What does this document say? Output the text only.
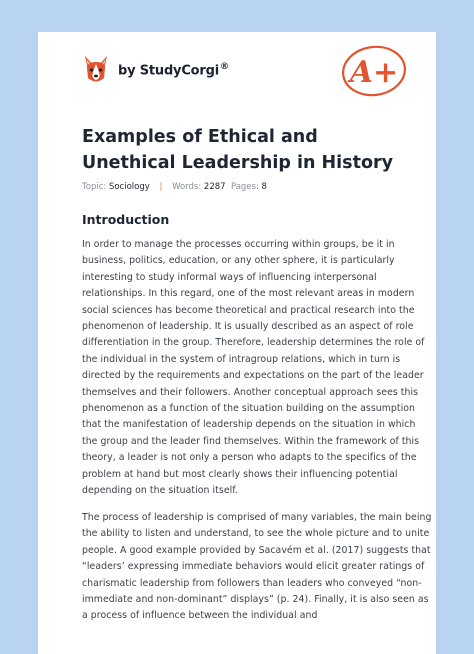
by StudyCorgi®	A+
Examples of Ethical and Unethical Leadership in History
Topic: Sociology | Words: 2287 Pages: 8
Introduction

In order to manage the processes occurring within groups, be it in business, politics, education, or any other sphere, it is particularly interesting to study informal ways of influencing interpersonal relationships. In this regard, one of the most relevant areas in modern social sciences has become theoretical and practical research into the phenomenon of leadership. It is usually described as an aspect of role differentiation in the group. Therefore, leadership determines the role of the individual in the system of intragroup relations, which in turn is directed by the requirements and expectations on the part of the leader themselves and their followers. Another conceptual approach sees this phenomenon as a function of the situation building on the assumption that the manifestation of leadership depends on the situation in which the group and the leader find themselves. Within the framework of this theory, a leader is not only a person who adapts to the specifics of the problem at hand but most clearly shows their influencing potential depending on the situation itself.

The process of leadership is comprised of many variables, the main being the ability to listen and understand, to see the whole picture and to unite people. A good example provided by Sacavém et al. (2017) suggests that “leaders’ expressing immediate behaviors would elicit greater ratings of charismatic leadership from followers than leaders who conveyed “non-immediate and non-dominant” displays” (p. 24). Finally, it is also seen as a process of influence between the individual and
